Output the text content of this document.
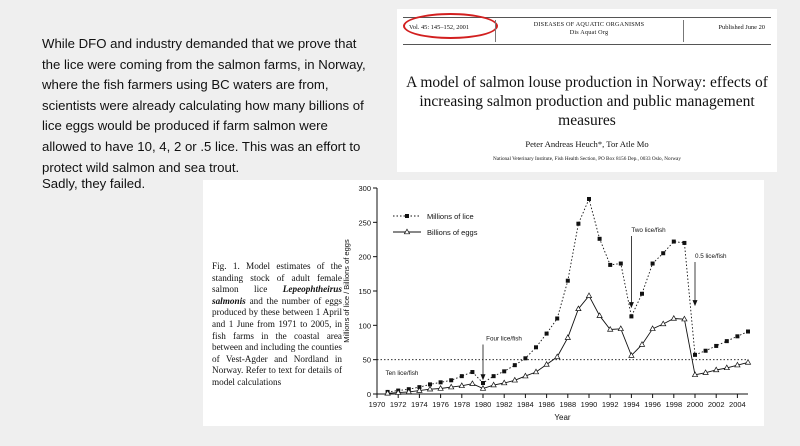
While DFO and industry demanded that we prove that the lice were coming from the salmon farms, in Norway, where the fish farmers using BC waters are from, scientists were already calculating how many billions of lice eggs would be produced if farm salmon were allowed to have 10, 4, 2 or .5 lice. This was an effort to protect wild salmon and sea trout.
Sadly, they failed.
Vol. 45: 145–152, 2001	DISEASES OF AQUATIC ORGANISMS
Dis Aquat Org
Published June 20
A model of salmon louse production in Norway: effects of increasing salmon production and public management measures
Peter Andreas Heuch*, Tor Atle Mo
National Veterinary Institute, Fish Health Section, PO Box 8156 Dep., 0033 Oslo, Norway
Fig. 1. Model estimates of the standing stock of adult female salmon lice Lepeophtheirus salmonis and the number of eggs produced by these between 1 April and 1 June from 1971 to 2005, in fish farms in the coastal area between and including the counties of Vest-Agder and Nordland in Norway. Refer to text for details of model calculations
0
50
100
150
200
250
300
1970 1972 1974 1976 1978 1980 1982 1984 1986 1988 1990 1992 1994 1996 1998 2000 2002 2004
Year
Millions of lice / Billions of eggs
Millions of lice
Billions of eggs
Ten lice/fish
Four lice/fish
Two lice/fish
0.5 lice/fish
